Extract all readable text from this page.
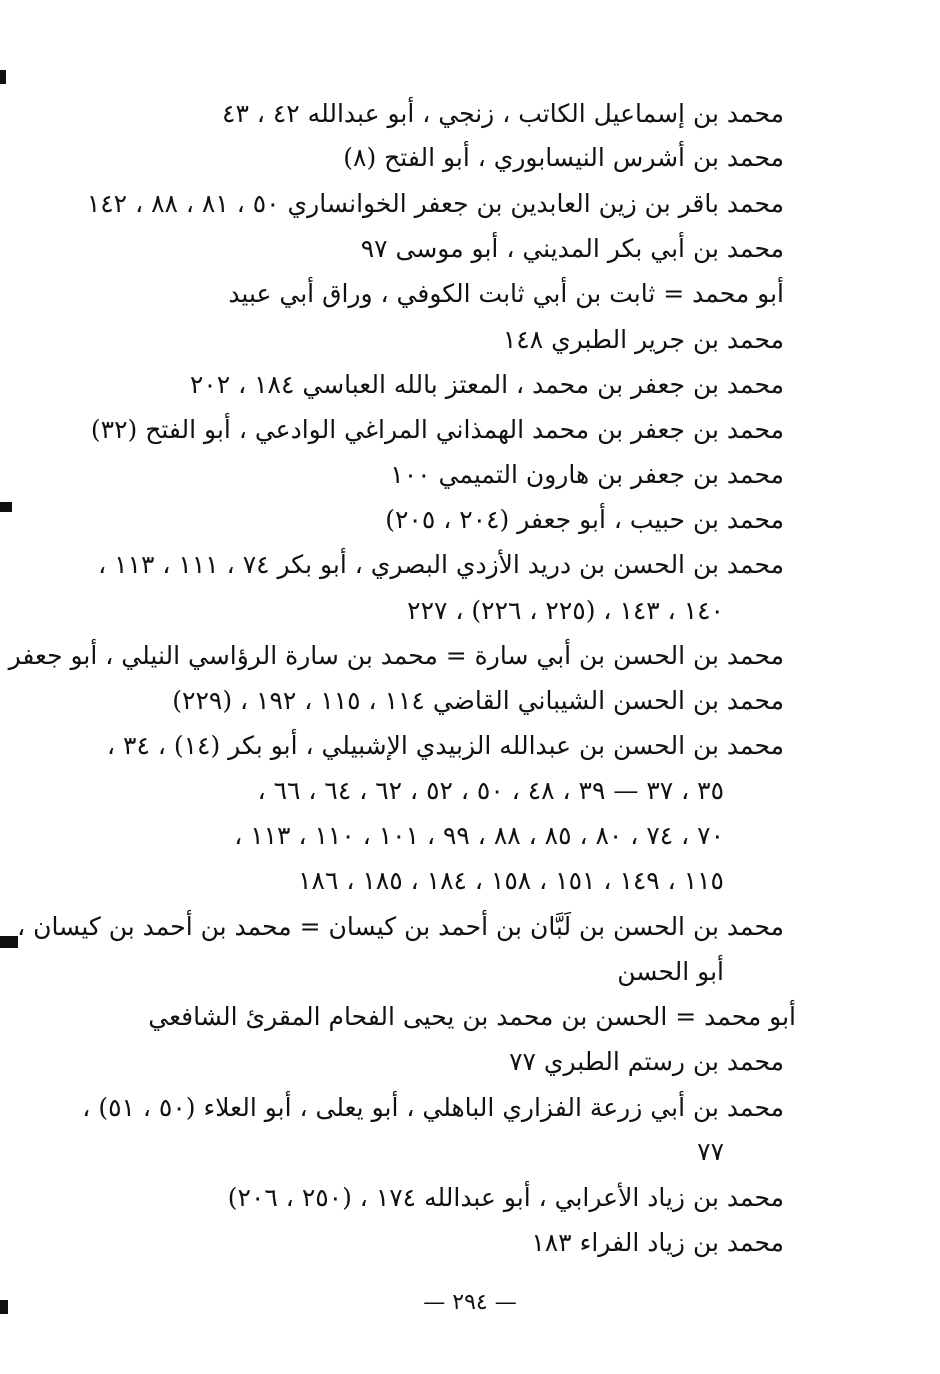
محمد بن إسماعيل الكاتب ، زنجي ، أبو عبدالله ٤٢ ، ٤٣
محمد بن أشرس النيسابوري ، أبو الفتح (٨)
محمد باقر بن زين العابدين بن جعفر الخوانساري ٥٠ ، ٨١ ، ٨٨ ، ١٤٢
محمد بن أبي بكر المديني ، أبو موسى ٩٧
أبو محمد = ثابت بن أبي ثابت الكوفي ، وراق أبي عبيد
محمد بن جرير الطبري ١٤٨
محمد بن جعفر بن محمد ، المعتز بالله العباسي ١٨٤ ، ٢٠٢
محمد بن جعفر بن محمد الهمذاني المراغي الوادعي ، أبو الفتح (٣٢)
محمد بن جعفر بن هارون التميمي ١٠٠
محمد بن حبيب ، أبو جعفر (٢٠٤ ، ٢٠٥)
محمد بن الحسن بن دريد الأزدي البصري ، أبو بكر ٧٤ ، ١١١ ، ١١٣ ،
١٤٠ ، ١٤٣ ، (٢٢٥ ، ٢٢٦) ، ٢٢٧
محمد بن الحسن بن أبي سارة = محمد بن سارة الرؤاسي النيلي ، أبو جعفر
محمد بن الحسن الشيباني القاضي ١١٤ ، ١١٥ ، ١٩٢ ، (٢٢٩)
محمد بن الحسن بن عبدالله الزبيدي الإشبيلي ، أبو بكر (١٤) ، ٣٤ ،
٣٥ ، ٣٧ — ٣٩ ، ٤٨ ، ٥٠ ، ٥٢ ، ٦٢ ، ٦٤ ، ٦٦ ،
٧٠ ، ٧٤ ، ٨٠ ، ٨٥ ، ٨٨ ، ٩٩ ، ١٠١ ، ١١٠ ، ١١٣ ،
١١٥ ، ١٤٩ ، ١٥١ ، ١٥٨ ، ١٨٤ ، ١٨٥ ، ١٨٦
محمد بن الحسن بن لَبَّان بن أحمد بن كيسان = محمد بن أحمد بن كيسان ،
أبو الحسن
أبو محمد = الحسن بن محمد بن يحيى الفحام المقرئ الشافعي
محمد بن رستم الطبري ٧٧
محمد بن أبي زرعة الفزاري الباهلي ، أبو يعلى ، أبو العلاء (٥٠ ، ٥١) ،
٧٧
محمد بن زياد الأعرابي ، أبو عبدالله ١٧٤ ، (٢٥٠ ، ٢٠٦)
محمد بن زياد الفراء ١٨٣
— ٢٩٤ —
